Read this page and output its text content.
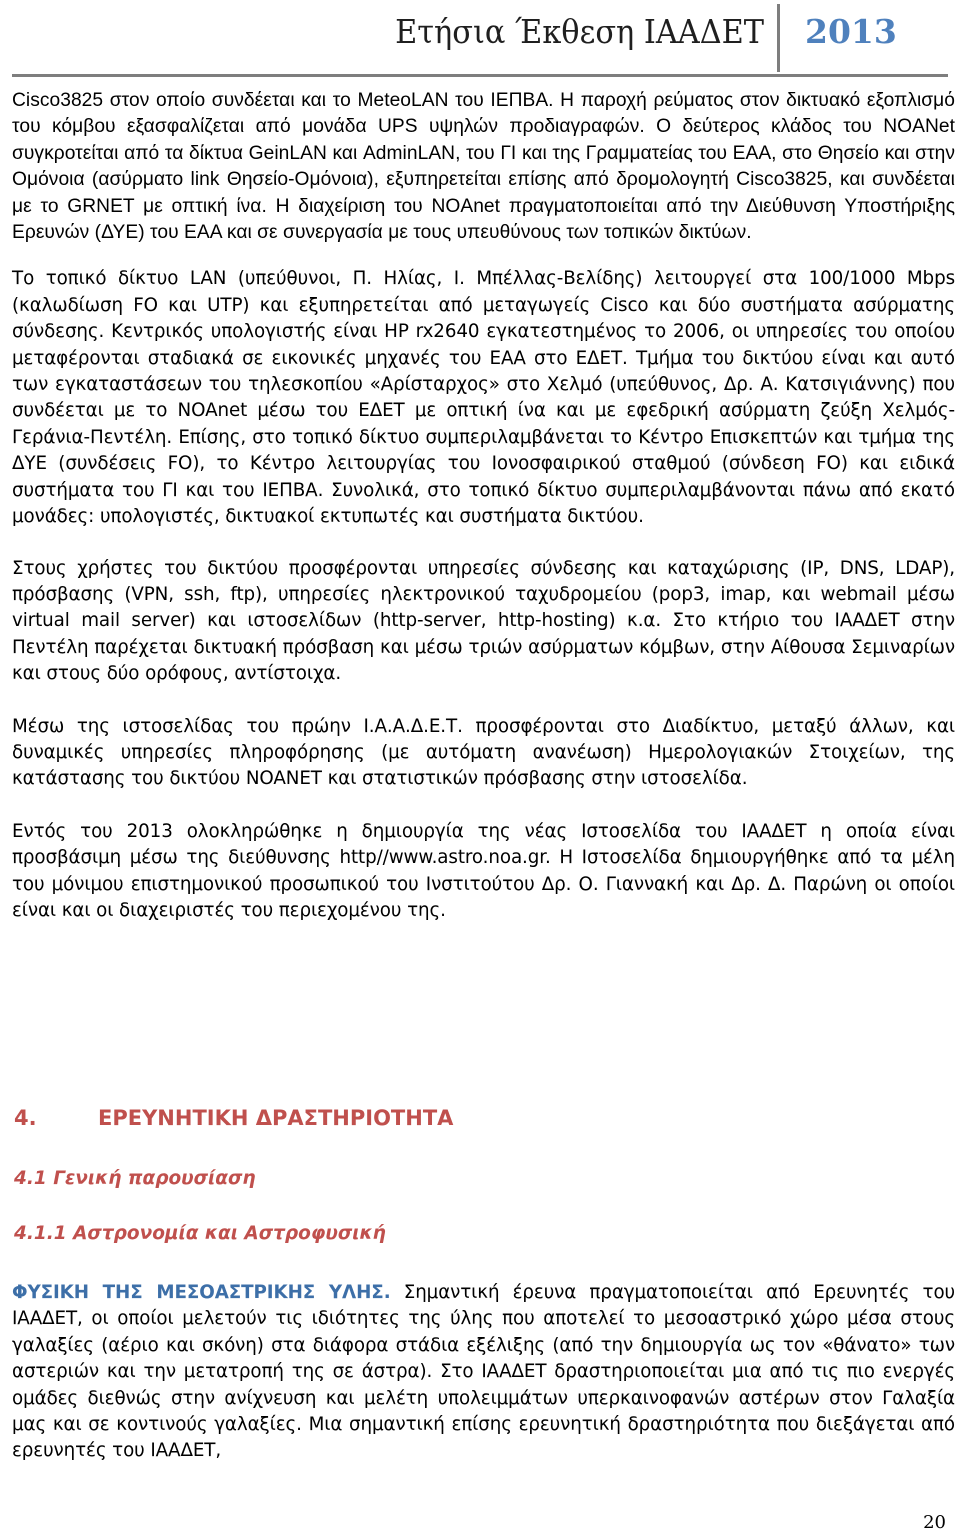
Ετήσια Έκθεση ΙΑΑΔΕΤ 2013

Cisco3825 στον οποίο συνδέεται και το MeteoLAN του ΙΕΠΒΑ. Η παροχή ρεύματος στον δικτυακό εξοπλισμό του κόμβου εξασφαλίζεται από μονάδα UPS υψηλών προδιαγραφών. Ο δεύτερος κλάδος του NOANet συγκροτείται από τα δίκτυα GeinLAN και AdminLAN, του ΓΙ και της Γραμματείας του ΕΑΑ, στο Θησείο και στην Ομόνοια (ασύρματο link Θησείο-Ομόνοια), εξυπηρετείται επίσης από δρομολογητή Cisco3825, και συνδέεται με το GRNET με οπτική ίνα. Η διαχείριση του NOAnet πραγματοποιείται από την Διεύθυνση Υποστήριξης Ερευνών (ΔΥΕ) του ΕΑΑ και σε συνεργασία με τους υπευθύνους των τοπικών δικτύων.

Το τοπικό δίκτυο LAN (υπεύθυνοι, Π. Ηλίας, Ι. Μπέλλας-Βελίδης) λειτουργεί στα 100/1000 Mbps (καλωδίωση FO και UTP) και εξυπηρετείται από μεταγωγείς Cisco και δύο συστήματα ασύρματης σύνδεσης. Κεντρικός υπολογιστής είναι HP rx2640 εγκατεστημένος το 2006, οι υπηρεσίες του οποίου μεταφέρονται σταδιακά σε εικονικές μηχανές του ΕΑΑ στο ΕΔΕΤ. Τμήμα του δικτύου είναι και αυτό των εγκαταστάσεων του τηλεσκοπίου «Αρίσταρχος» στο Χελμό (υπεύθυνος, Δρ. Α. Κατσιγιάννης) που συνδέεται με το NOAnet μέσω του ΕΔΕΤ με οπτική ίνα και με εφεδρική ασύρματη ζεύξη Χελμός-Γεράνια-Πεντέλη. Επίσης, στο τοπικό δίκτυο συμπεριλαμβάνεται το Κέντρο Επισκεπτών και τμήμα της ΔΥΕ (συνδέσεις FO), το Κέντρο λειτουργίας του Ιονοσφαιρικού σταθμού (σύνδεση FO) και ειδικά συστήματα του ΓΙ και του ΙΕΠΒΑ. Συνολικά, στο τοπικό δίκτυο συμπεριλαμβάνονται πάνω από εκατό μονάδες: υπολογιστές, δικτυακοί εκτυπωτές και συστήματα δικτύου.

Στους χρήστες του δικτύου προσφέρονται υπηρεσίες σύνδεσης και καταχώρισης (IP, DNS, LDAP), πρόσβασης (VPN, ssh, ftp), υπηρεσίες ηλεκτρονικού ταχυδρομείου (pop3, imap, και webmail μέσω virtual mail server) και ιστοσελίδων (http-server, http-hosting) κ.α. Στο κτήριο του ΙΑΑΔΕΤ στην Πεντέλη παρέχεται δικτυακή πρόσβαση και μέσω τριών ασύρματων κόμβων, στην Αίθουσα Σεμιναρίων και στους δύο ορόφους, αντίστοιχα.

Μέσω της ιστοσελίδας του πρώην Ι.Α.Α.Δ.Ε.Τ. προσφέρονται στο Διαδίκτυο, μεταξύ άλλων, και δυναμικές υπηρεσίες πληροφόρησης (με αυτόματη ανανέωση) Ημερολογιακών Στοιχείων, της κατάστασης του δικτύου NOANET και στατιστικών πρόσβασης στην ιστοσελίδα.

Εντός του 2013 ολοκληρώθηκε η δημιουργία της νέας Ιστοσελίδα του ΙΑΑΔΕΤ η οποία είναι προσβάσιμη μέσω της διεύθυνσης http//www.astro.noa.gr. Η Ιστοσελίδα δημιουργήθηκε από τα μέλη του μόνιμου επιστημονικού προσωπικού του Ινστιτούτου Δρ. Ο. Γιαννακή και Δρ. Δ. Παρώνη οι οποίοι είναι και οι διαχειριστές του περιεχομένου της.

4.	ΕΡΕΥΝΗΤΙΚΗ ΔΡΑΣΤΗΡΙΟΤΗΤΑ
4.1 Γενική παρουσίαση
4.1.1 Αστρονομία και Αστροφυσική

ΦΥΣΙΚΗ ΤΗΣ ΜΕΣΟΑΣΤΡΙΚΗΣ ΥΛΗΣ. Σημαντική έρευνα πραγματοποιείται από Ερευνητές του ΙΑΑΔΕΤ, οι οποίοι μελετούν τις ιδιότητες της ύλης που αποτελεί το μεσοαστρικό χώρο μέσα στους γαλαξίες (αέριο και σκόνη) στα διάφορα στάδια εξέλιξης (από την δημιουργία ως τον «θάνατο» των αστεριών και την μετατροπή της σε άστρα). Στο ΙΑΑΔΕΤ δραστηριοποιείται μια από τις πιο ενεργές ομάδες διεθνώς στην ανίχνευση και μελέτη υπολειμμάτων υπερκαινοφανών αστέρων στον Γαλαξία μας και σε κοντινούς γαλαξίες. Μια σημαντική επίσης ερευνητική δραστηριότητα που διεξάγεται από ερευνητές του ΙΑΑΔΕΤ,

20
